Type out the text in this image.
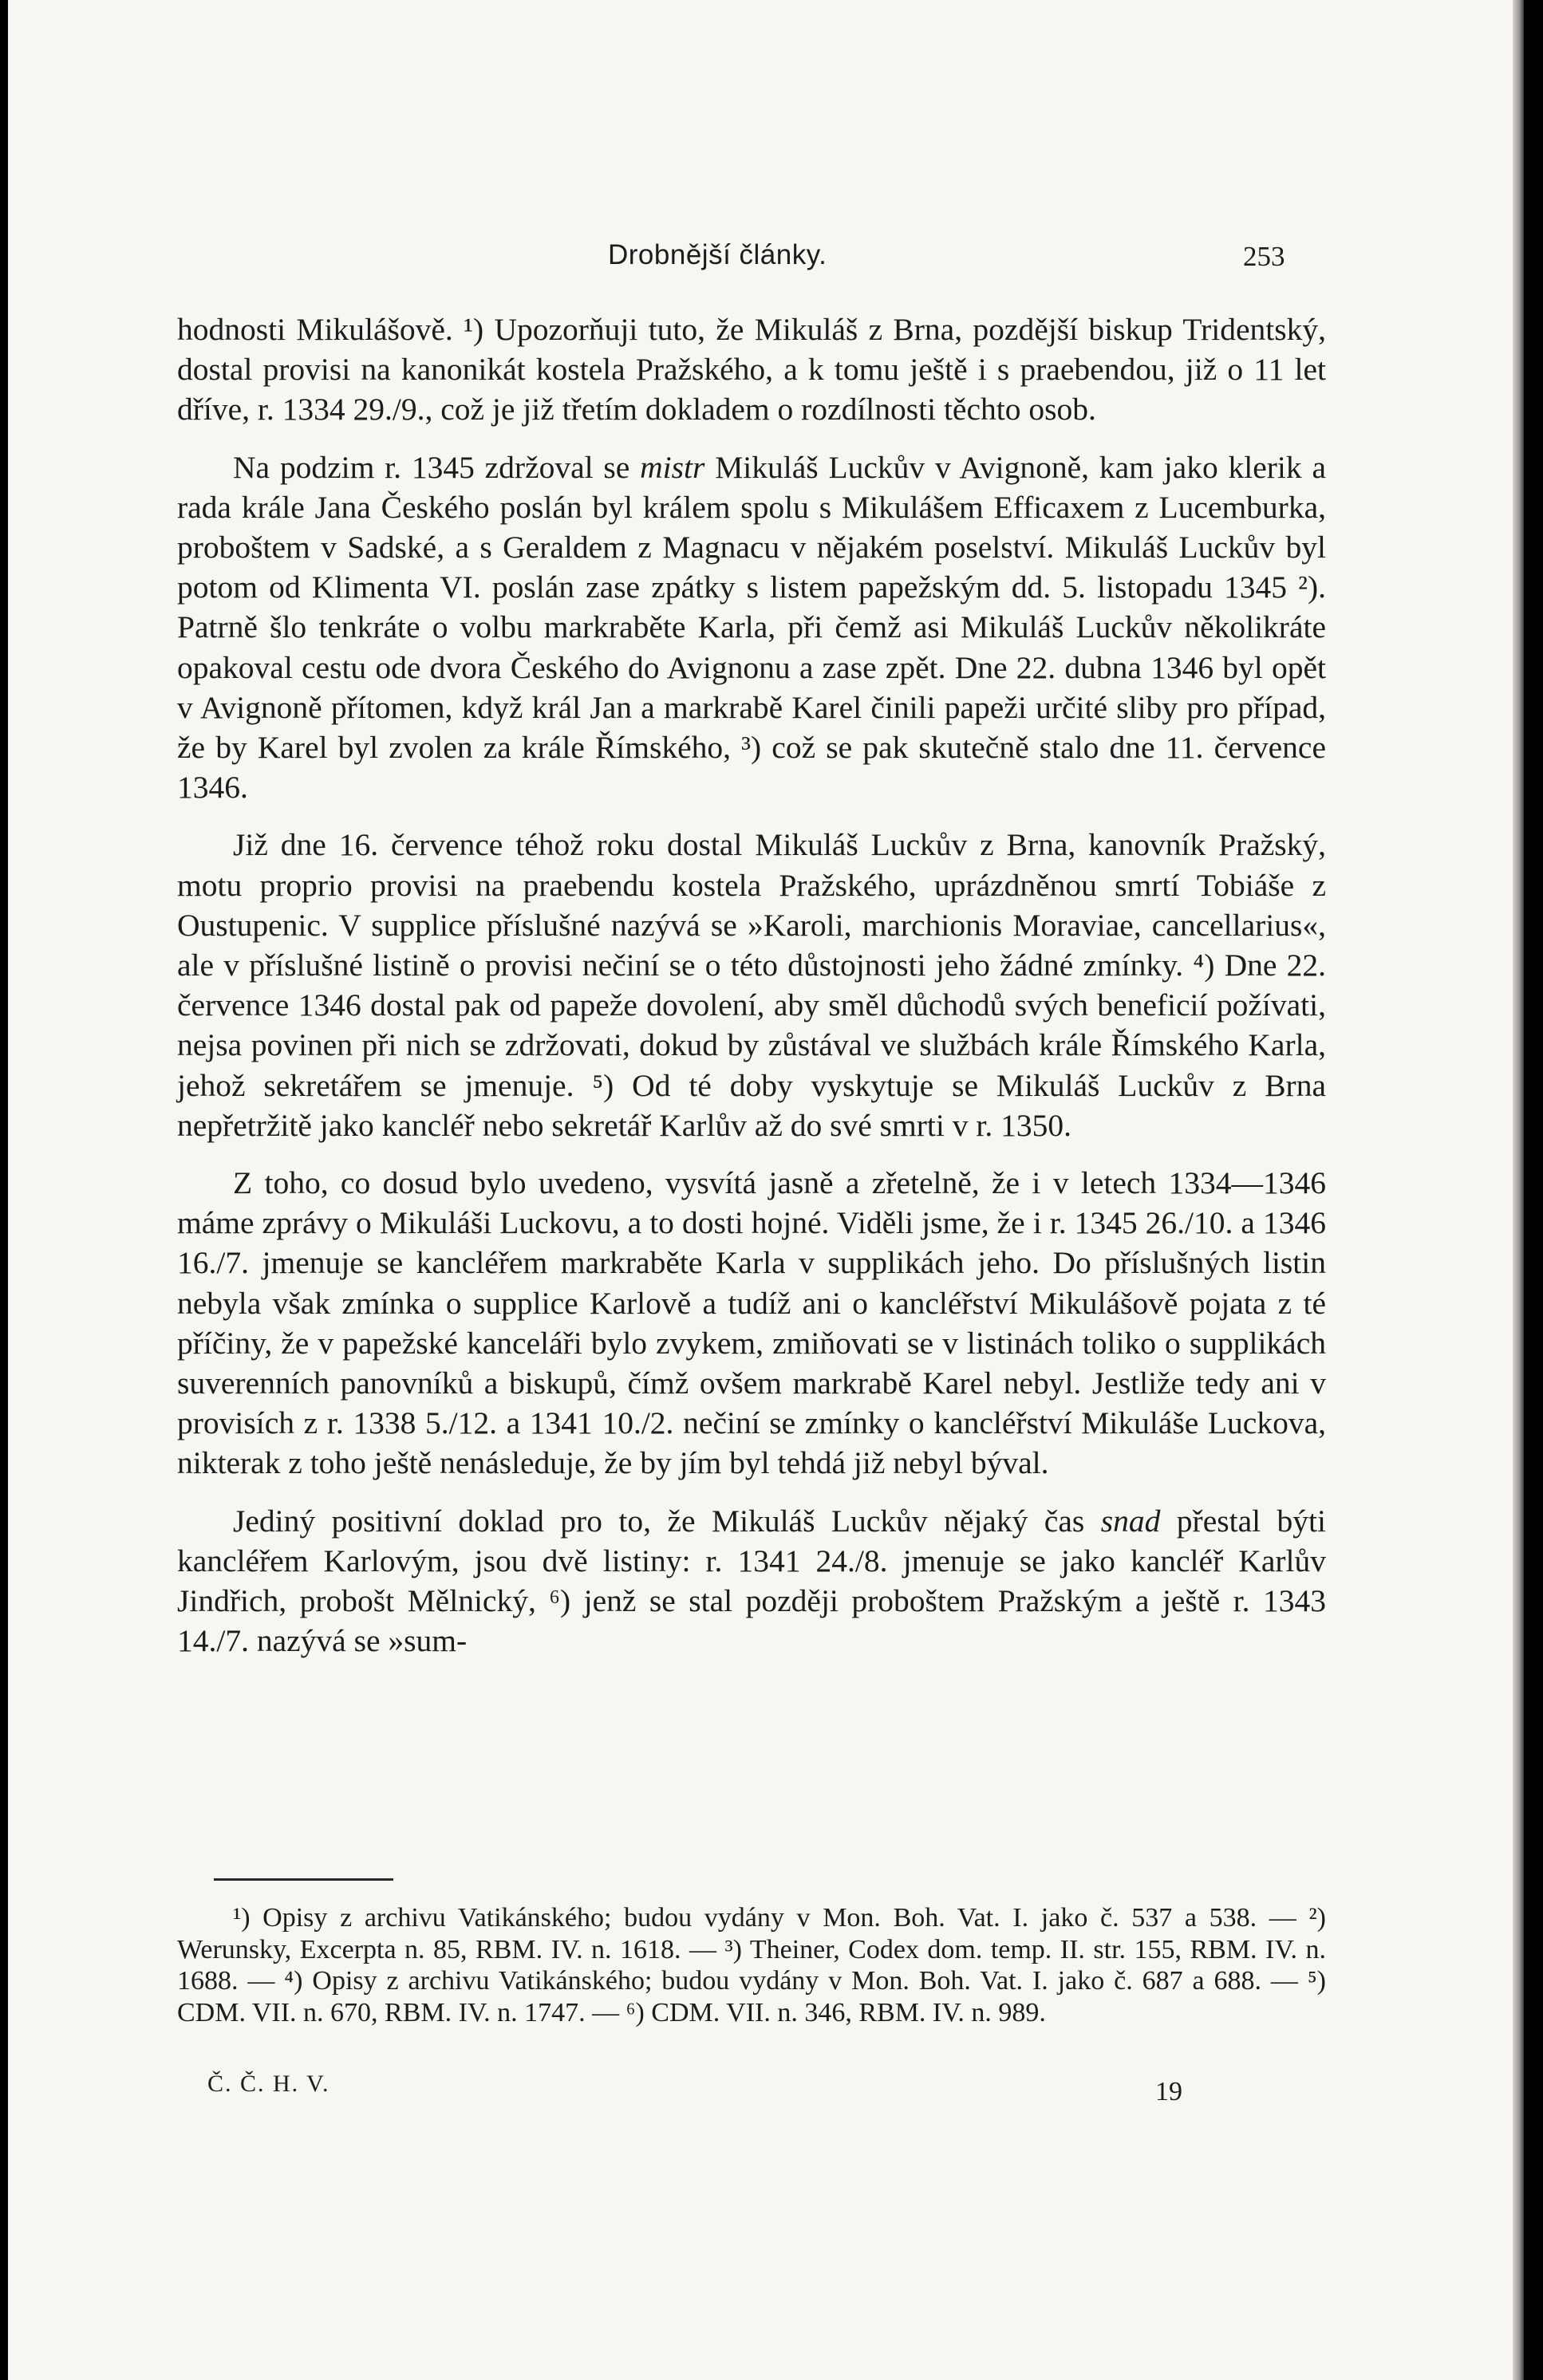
Drobnější články.	253

hodnosti Mikulášově. ¹) Upozorňuji tuto, že Mikuláš z Brna, pozdější biskup Tridentský, dostal provisi na kanonikát kostela Pražského, a k tomu ještě i s praebendou, již o 11 let dříve, r. 1334 29./9., což je již třetím dokladem o rozdílnosti těchto osob.

Na podzim r. 1345 zdržoval se mistr Mikuláš Luckův v Avignoně, kam jako klerik a rada krále Jana Českého poslán byl králem spolu s Mikulášem Efficaxem z Lucemburka, proboštem v Sadské, a s Geraldem z Magnacu v nějakém poselství. Mikuláš Luckův byl potom od Klimenta VI. poslán zase zpátky s listem papežským dd. 5. listopadu 1345 ²). Patrně šlo tenkráte o volbu markraběte Karla, při čemž asi Mikuláš Luckův několikráte opakoval cestu ode dvora Českého do Avignonu a zase zpět. Dne 22. dubna 1346 byl opět v Avignoně přítomen, když král Jan a markrabě Karel činili papeži určité sliby pro případ, že by Karel byl zvolen za krále Římského, ³) což se pak skutečně stalo dne 11. července 1346.

Již dne 16. července téhož roku dostal Mikuláš Luckův z Brna, kanovník Pražský, motu proprio provisi na praebendu kostela Pražského, uprázdněnou smrtí Tobiáše z Oustupenic. V supplice příslušné nazývá se »Karoli, marchionis Moraviae, cancellarius«, ale v příslušné listině o provisi nečiní se o této důstojnosti jeho žádné zmínky. ⁴) Dne 22. července 1346 dostal pak od papeže dovolení, aby směl důchodů svých beneficií požívati, nejsa povinen při nich se zdržovati, dokud by zůstával ve službách krále Římského Karla, jehož sekretářem se jmenuje. ⁵) Od té doby vyskytuje se Mikuláš Luckův z Brna nepřetržitě jako kancléř nebo sekretář Karlův až do své smrti v r. 1350.

Z toho, co dosud bylo uvedeno, vysvítá jasně a zřetelně, že i v letech 1334—1346 máme zprávy o Mikuláši Luckovu, a to dosti hojné. Viděli jsme, že i r. 1345 26./10. a 1346 16./7. jmenuje se kancléřem markraběte Karla v supplikách jeho. Do příslušných listin nebyla však zmínka o supplice Karlově a tudíž ani o kancléřství Mikulášově pojata z té příčiny, že v papežské kanceláři bylo zvykem, zmiňovati se v listinách toliko o supplikách suverenních panovníků a biskupů, čímž ovšem markrabě Karel nebyl. Jestliže tedy ani v provisích z r. 1338 5./12. a 1341 10./2. nečiní se zmínky o kancléřství Mikuláše Luckova, nikterak z toho ještě nenásleduje, že by jím byl tehdá již nebyl býval.

Jediný positivní doklad pro to, že Mikuláš Luckův nějaký čas snad přestal býti kancléřem Karlovým, jsou dvě listiny: r. 1341 24./8. jmenuje se jako kancléř Karlův Jindřich, probošt Mělnický, ⁶) jenž se stal později proboštem Pražským a ještě r. 1343 14./7. nazývá se »sum-

¹) Opisy z archivu Vatikánského; budou vydány v Mon. Boh. Vat. I. jako č. 537 a 538. — ²) Werunsky, Excerpta n. 85, RBM. IV. n. 1618. — ³) Theiner, Codex dom. temp. II. str. 155, RBM. IV. n. 1688. — ⁴) Opisy z archivu Vatikánského; budou vydány v Mon. Boh. Vat. I. jako č. 687 a 688. — ⁵) CDM. VII. n. 670, RBM. IV. n. 1747. — ⁶) CDM. VII. n. 346, RBM. IV. n. 989.

Č. Č. H. V.	19
